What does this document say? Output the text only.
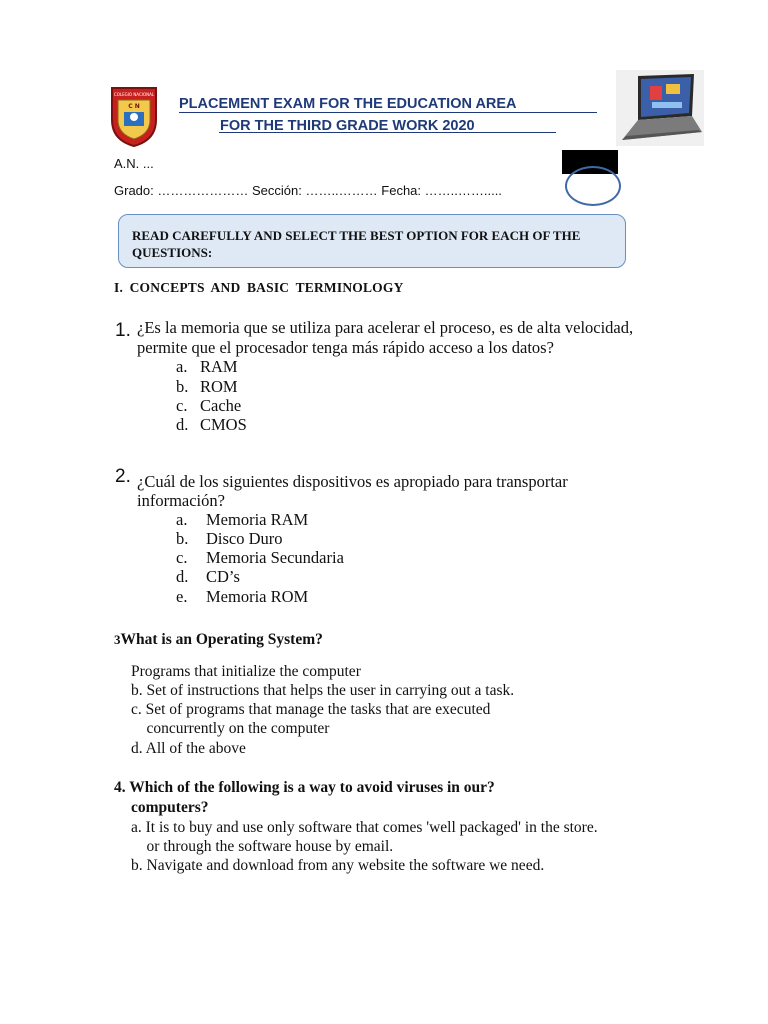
COLEGIO NACIONAL
C N	PLACEMENT EXAM FOR THE EDUCATION AREA
FOR THE THIRD GRADE WORK 2020
A.N. ...
Grado: ………………… Sección: ……..……… Fecha: ……..…….....
READ CAREFULLY AND SELECT THE BEST OPTION FOR EACH OF THE QUESTIONS:
I. CONCEPTS AND BASIC TERMINOLOGY
1. ¿Es la memoria que se utiliza para acelerar el proceso, es de alta velocidad,
permite que el procesador tenga más rápido acceso a los datos?
a. RAM
b. ROM
c. Cache
d. CMOS
2. ¿Cuál de los siguientes dispositivos es apropiado para transportar
información?
a. Memoria RAM
b. Disco Duro
c. Memoria Secundaria
d. CD’s
e. Memoria ROM
3What is an Operating System?
Programs that initialize the computer
b. Set of instructions that helps the user in carrying out a task.
c. Set of programs that manage the tasks that are executed
concurrently on the computer
d. All of the above
4. Which of the following is a way to avoid viruses in our?
computers?
a. It is to buy and use only software that comes 'well packaged' in the store.
or through the software house by email.
b. Navigate and download from any website the software we need.
